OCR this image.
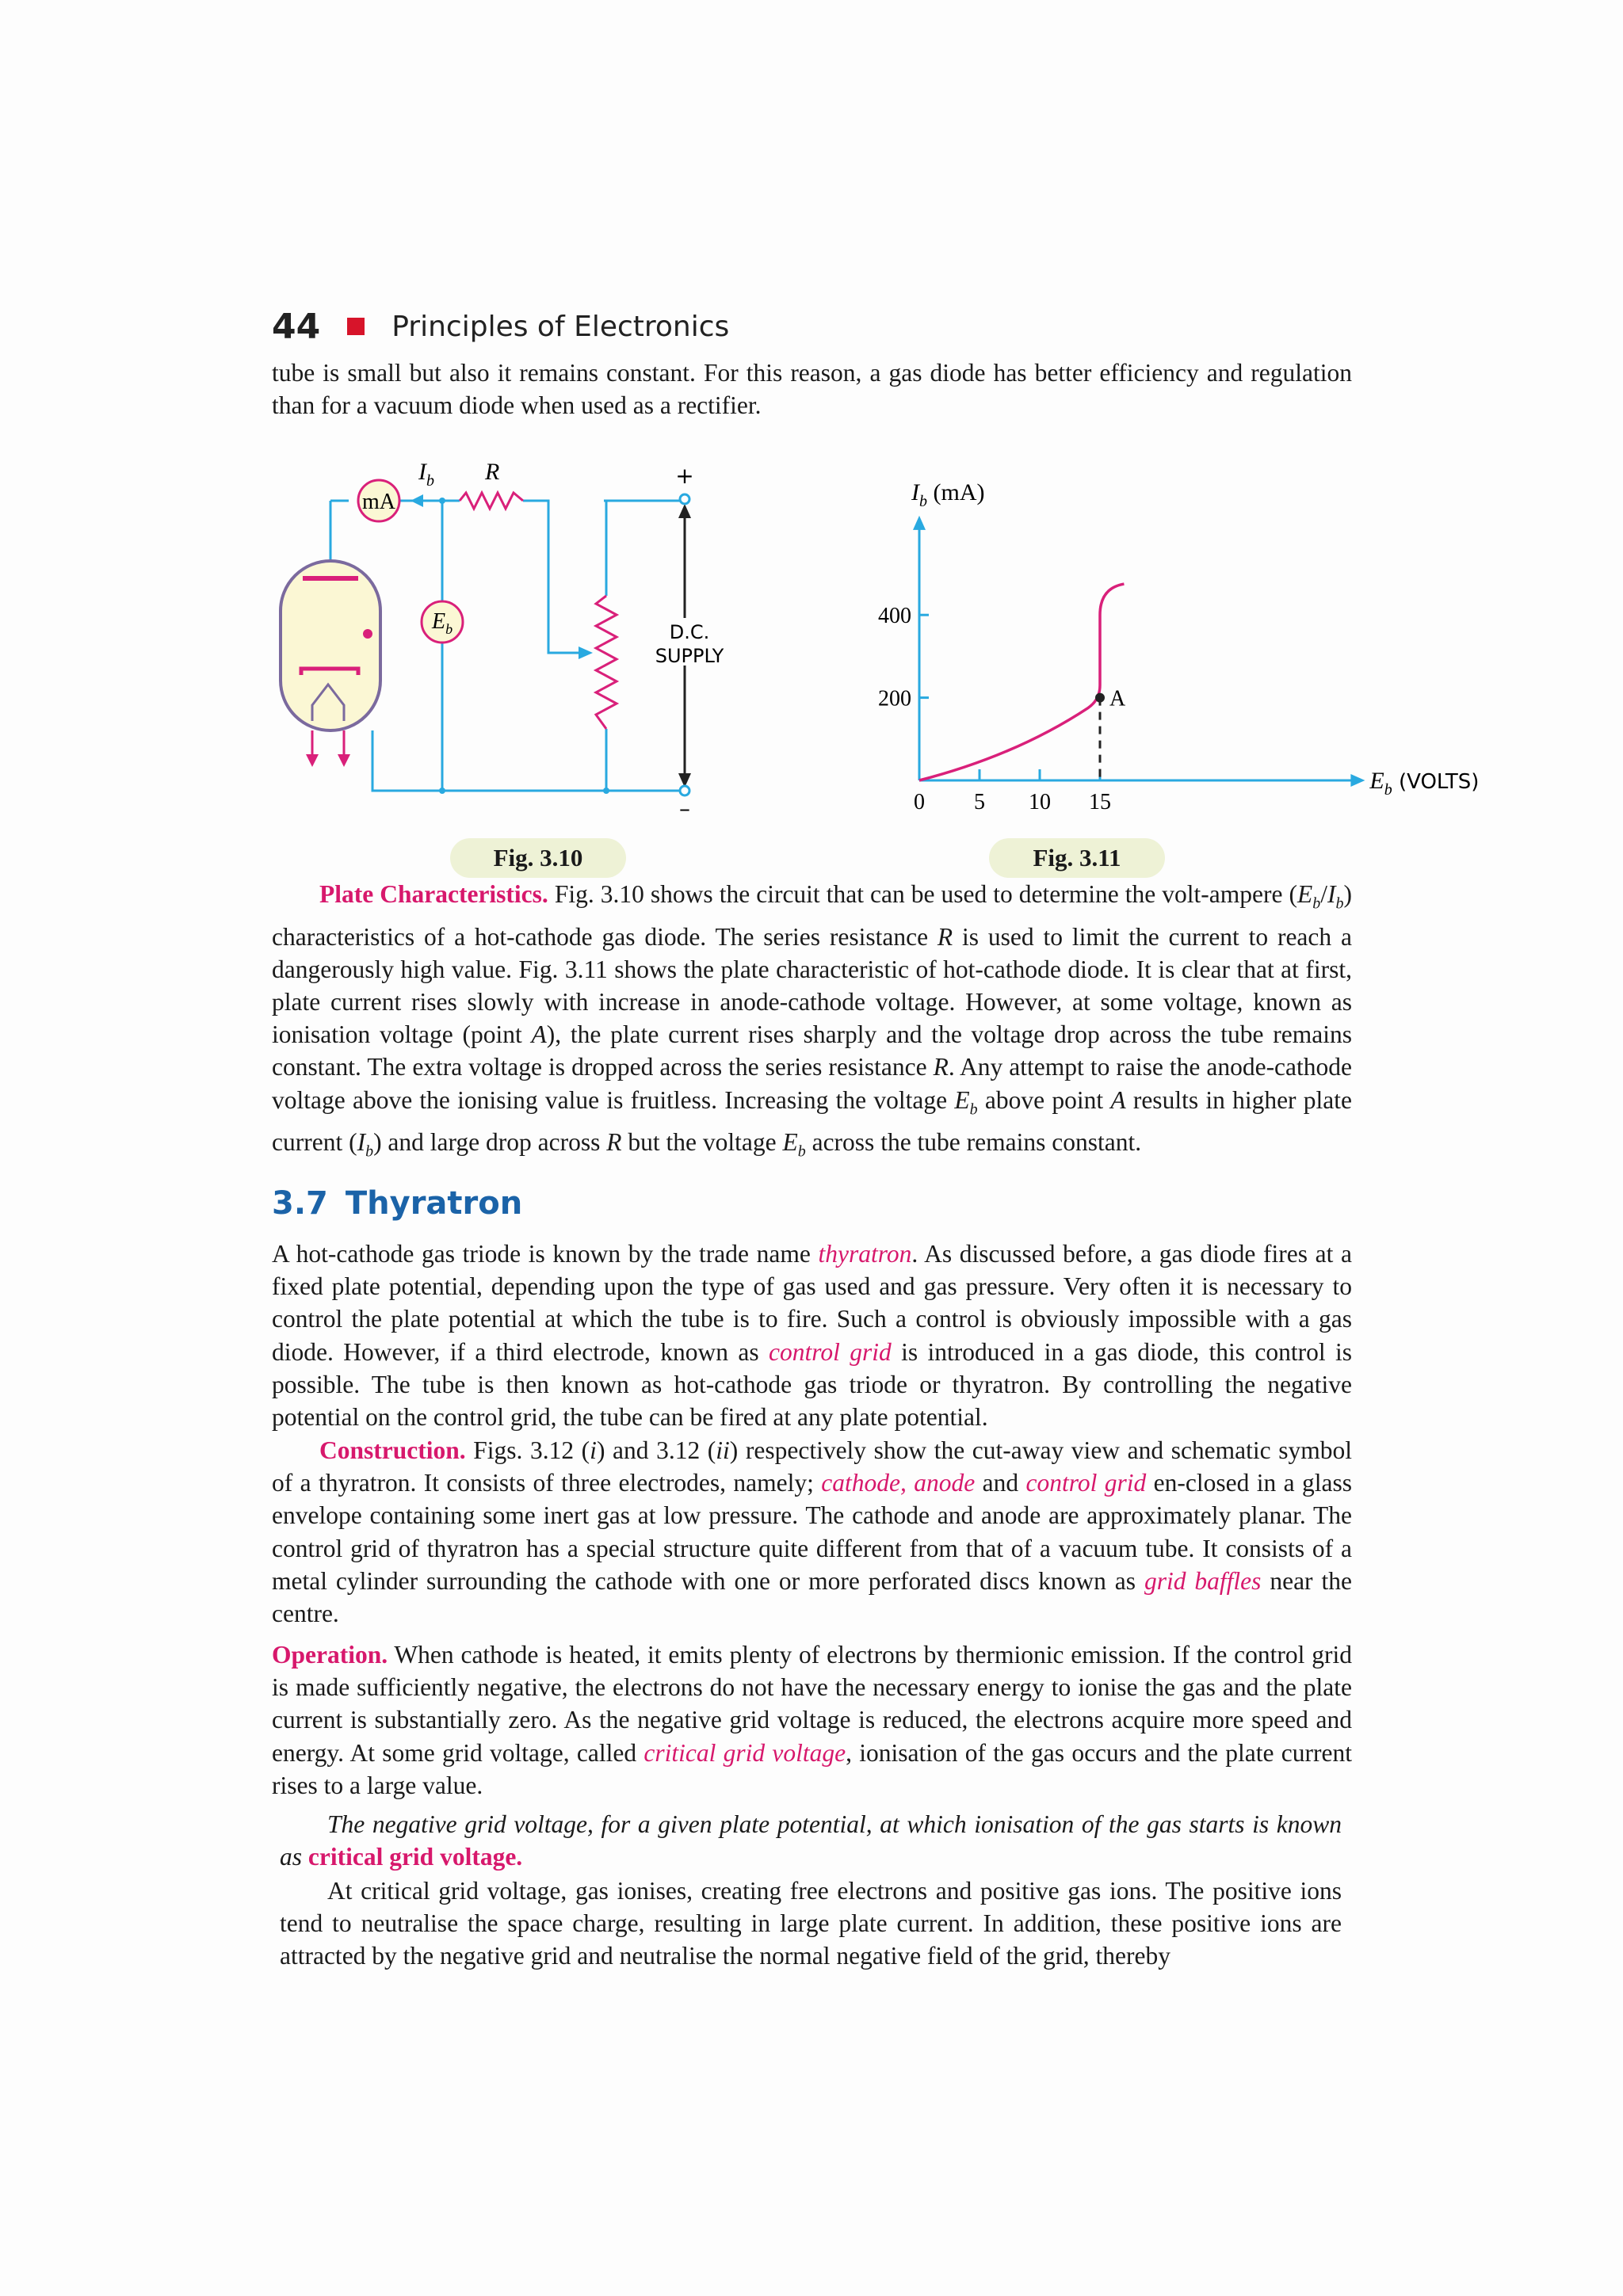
44	Principles of Electronics

tube is small but also it remains constant. For this reason, a gas diode has better efficiency and regulation than for a vacuum diode when used as a rectifier.

mA
$I_b$ R
$E_b$
+
–
D.C.
SUPPLY
200
400
0 5 10 15
A
$I_b$ (mA)
$E_b$ (VOLTS)
Fig. 3.10	Fig. 3.11

Plate Characteristics. Fig. 3.10 shows the circuit that can be used to determine the volt-ampere $(E_b/I_b)$ characteristics of a hot-cathode gas diode. The series resistance R is used to limit the current to reach a dangerously high value. Fig. 3.11 shows the plate characteristic of hot-cathode diode. It is clear that at first, plate current rises slowly with increase in anode-cathode voltage. However, at some voltage, known as ionisation voltage (point A), the plate current rises sharply and the voltage drop across the tube remains constant. The extra voltage is dropped across the series resistance R. Any attempt to raise the anode-cathode voltage above the ionising value is fruitless. Increasing the voltage $E_b$ above point A results in higher plate current $(I_b)$ and large drop across R but the voltage $E_b$ across the tube remains constant.

3.7 Thyratron

A hot-cathode gas triode is known by the trade name thyratron. As discussed before, a gas diode fires at a fixed plate potential, depending upon the type of gas used and gas pressure. Very often it is necessary to control the plate potential at which the tube is to fire. Such a control is obviously impossible with a gas diode. However, if a third electrode, known as control grid is introduced in a gas diode, this control is possible. The tube is then known as hot-cathode gas triode or thyratron. By controlling the negative potential on the control grid, the tube can be fired at any plate potential.

Construction. Figs. 3.12 (i) and 3.12 (ii) respectively show the cut-away view and schematic symbol of a thyratron. It consists of three electrodes, namely; cathode, anode and control grid en-closed in a glass envelope containing some inert gas at low pressure. The cathode and anode are approximately planar. The control grid of thyratron has a special structure quite different from that of a vacuum tube. It consists of a metal cylinder surrounding the cathode with one or more perforated discs known as grid baffles near the centre.

Operation. When cathode is heated, it emits plenty of electrons by thermionic emission. If the control grid is made sufficiently negative, the electrons do not have the necessary energy to ionise the gas and the plate current is substantially zero. As the negative grid voltage is reduced, the electrons acquire more speed and energy. At some grid voltage, called critical grid voltage, ionisation of the gas occurs and the plate current rises to a large value.

The negative grid voltage, for a given plate potential, at which ionisation of the gas starts is known as critical grid voltage.

At critical grid voltage, gas ionises, creating free electrons and positive gas ions. The positive ions tend to neutralise the space charge, resulting in large plate current. In addition, these positive ions are attracted by the negative grid and neutralise the normal negative field of the grid, thereby
